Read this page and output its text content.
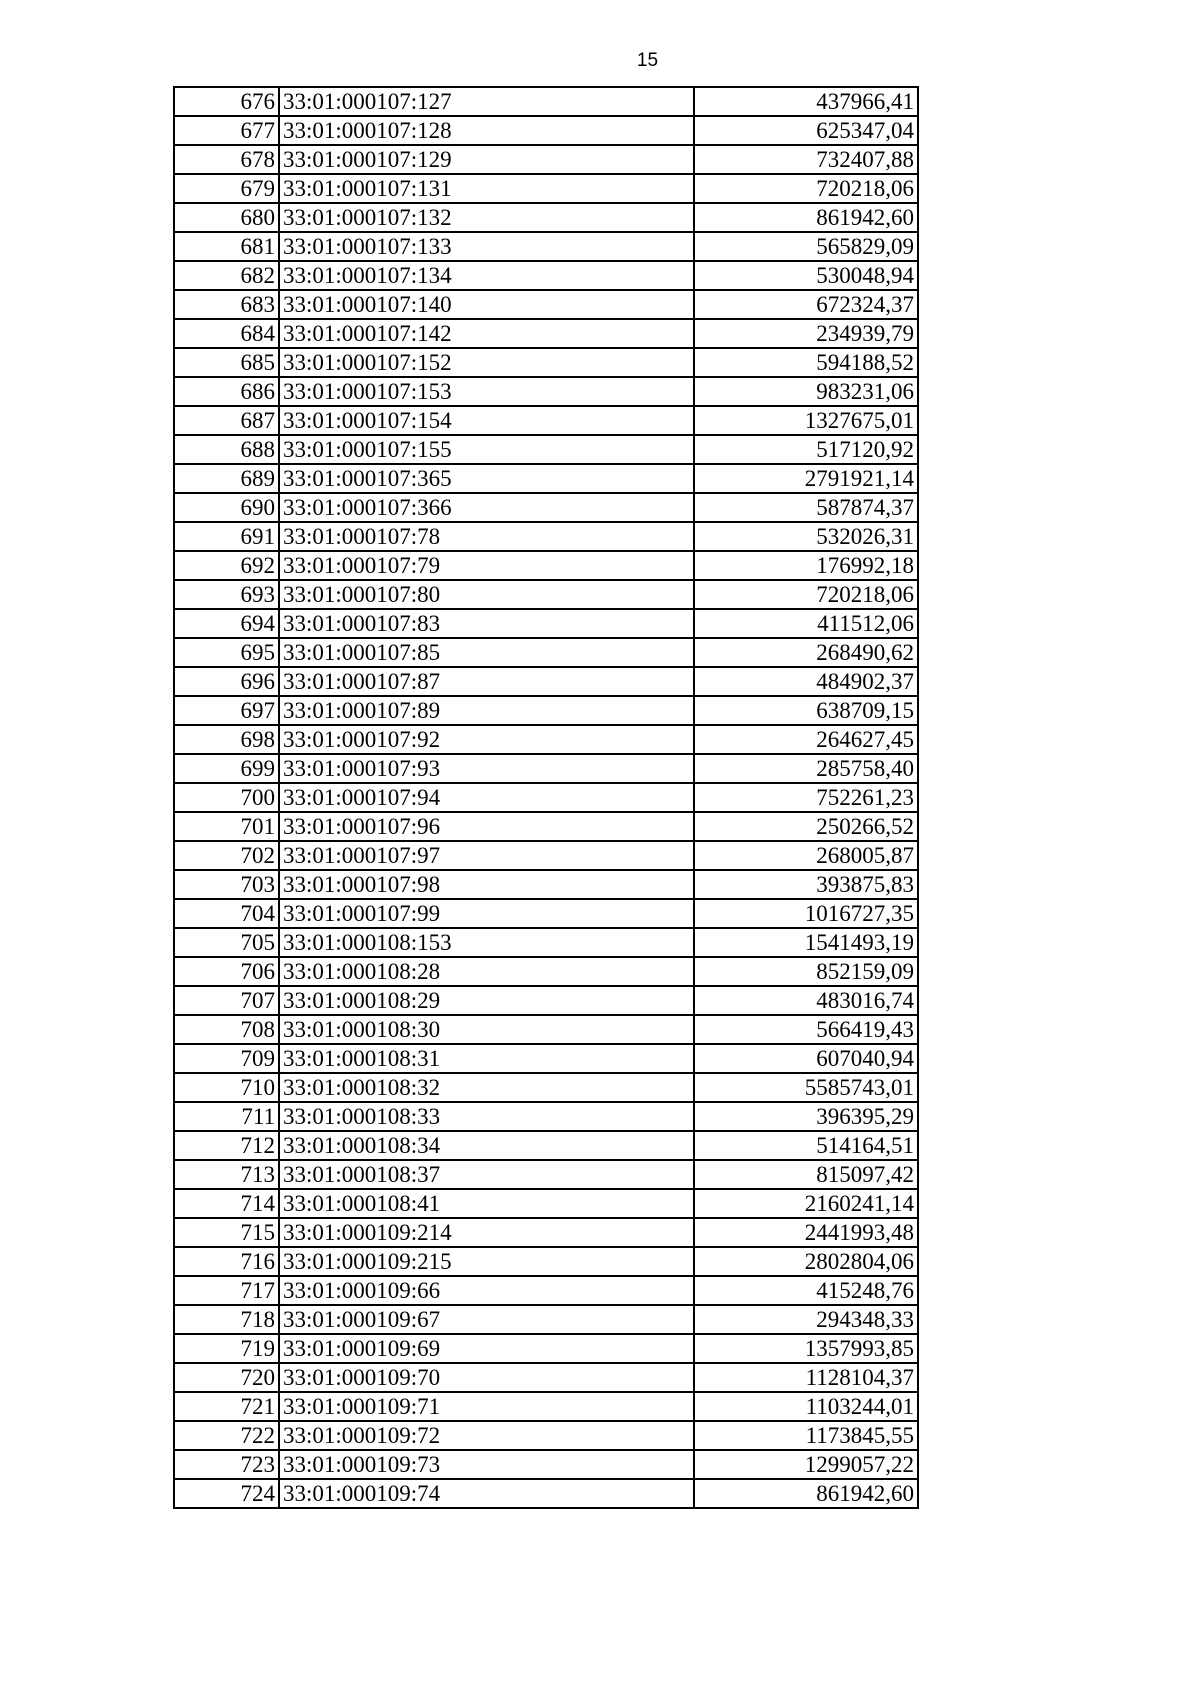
15
676	33:01:000107:127	437966,41
677	33:01:000107:128	625347,04
678	33:01:000107:129	732407,88
679	33:01:000107:131	720218,06
680	33:01:000107:132	861942,60
681	33:01:000107:133	565829,09
682	33:01:000107:134	530048,94
683	33:01:000107:140	672324,37
684	33:01:000107:142	234939,79
685	33:01:000107:152	594188,52
686	33:01:000107:153	983231,06
687	33:01:000107:154	1327675,01
688	33:01:000107:155	517120,92
689	33:01:000107:365	2791921,14
690	33:01:000107:366	587874,37
691	33:01:000107:78	532026,31
692	33:01:000107:79	176992,18
693	33:01:000107:80	720218,06
694	33:01:000107:83	411512,06
695	33:01:000107:85	268490,62
696	33:01:000107:87	484902,37
697	33:01:000107:89	638709,15
698	33:01:000107:92	264627,45
699	33:01:000107:93	285758,40
700	33:01:000107:94	752261,23
701	33:01:000107:96	250266,52
702	33:01:000107:97	268005,87
703	33:01:000107:98	393875,83
704	33:01:000107:99	1016727,35
705	33:01:000108:153	1541493,19
706	33:01:000108:28	852159,09
707	33:01:000108:29	483016,74
708	33:01:000108:30	566419,43
709	33:01:000108:31	607040,94
710	33:01:000108:32	5585743,01
711	33:01:000108:33	396395,29
712	33:01:000108:34	514164,51
713	33:01:000108:37	815097,42
714	33:01:000108:41	2160241,14
715	33:01:000109:214	2441993,48
716	33:01:000109:215	2802804,06
717	33:01:000109:66	415248,76
718	33:01:000109:67	294348,33
719	33:01:000109:69	1357993,85
720	33:01:000109:70	1128104,37
721	33:01:000109:71	1103244,01
722	33:01:000109:72	1173845,55
723	33:01:000109:73	1299057,22
724	33:01:000109:74	861942,60
